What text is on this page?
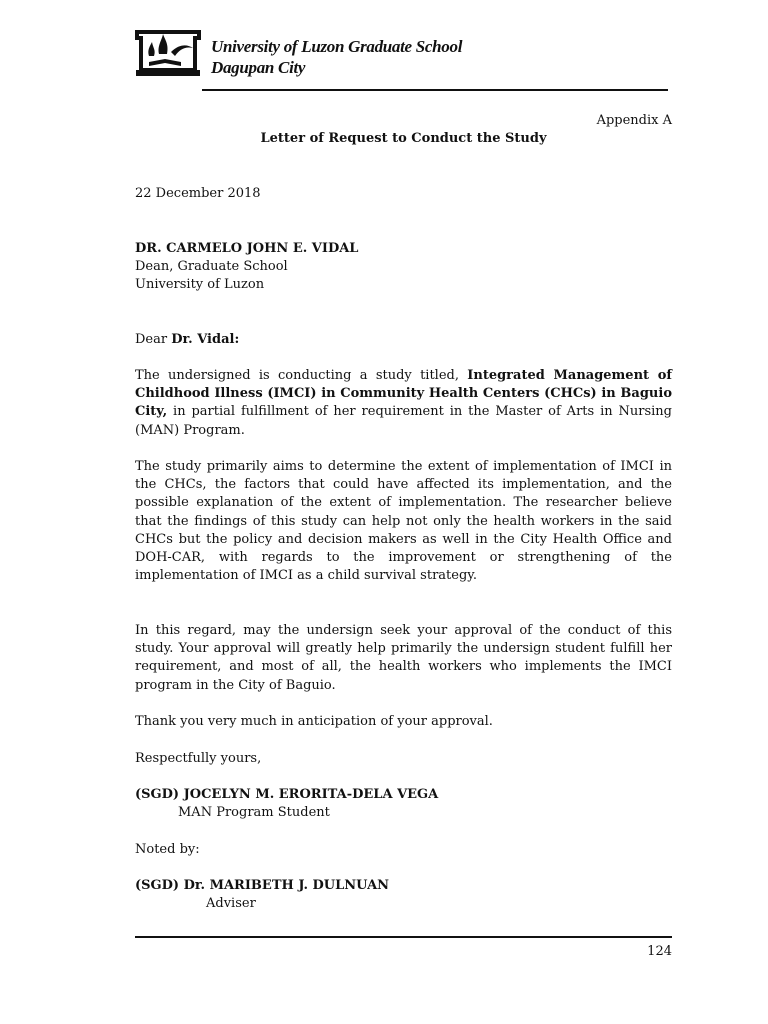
University of Luzon Graduate School
Dagupan City
Appendix A
Letter of Request to Conduct the Study
22 December 2018
DR. CARMELO JOHN E. VIDAL
Dean, Graduate School
University of Luzon
Dear Dr. Vidal:
The undersigned is conducting a study titled, Integrated Management of Childhood Illness (IMCI) in Community Health Centers (CHCs) in Baguio City, in partial fulfillment of her requirement in the Master of Arts in Nursing (MAN) Program.
The study primarily aims to determine the extent of implementation of IMCI in the CHCs, the factors that could have affected its implementation, and the possible explanation of the extent of implementation. The researcher believe that the findings of this study can help not only the health workers in the said CHCs but the policy and decision makers as well in the City Health Office and DOH-CAR, with regards to the improvement or strengthening of the implementation of IMCI as a child survival strategy.
In this regard, may the undersign seek your approval of the conduct of this study. Your approval will greatly help primarily the undersign student fulfill her requirement, and most of all, the health workers who implements the IMCI program in the City of Baguio.
Thank you very much in anticipation of your approval.
Respectfully yours,
(SGD) JOCELYN M. ERORITA-DELA VEGA
MAN Program Student
Noted by:
(SGD) Dr. MARIBETH J. DULNUAN
Adviser
124
